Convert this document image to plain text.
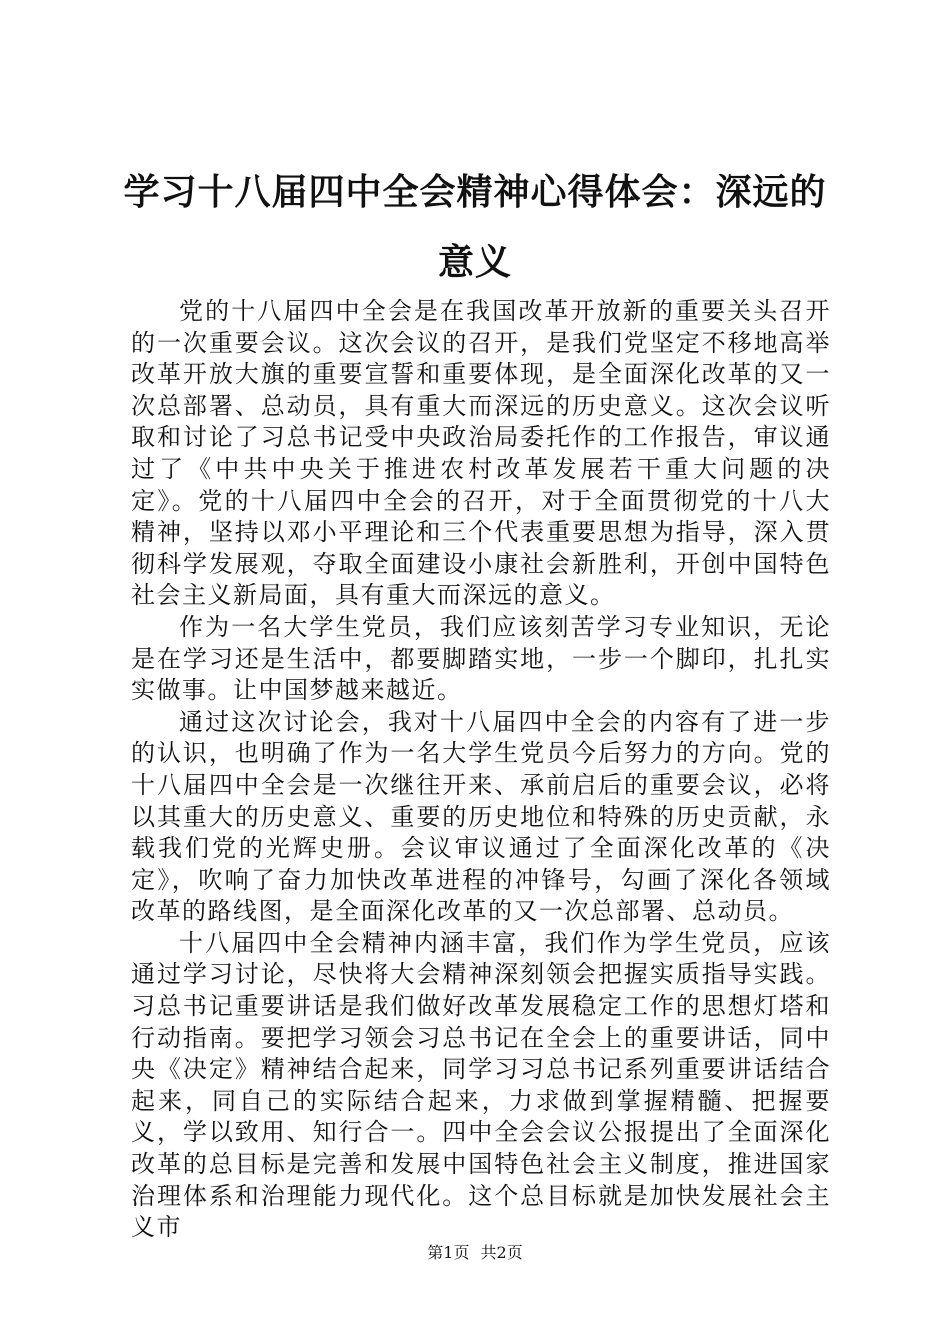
学习十八届四中全会精神心得体会：深远的意义

党的十八届四中全会是在我国改革开放新的重要关头召开的一次重要会议。这次会议的召开，是我们党坚定不移地高举改革开放大旗的重要宣誓和重要体现，是全面深化改革的又一次总部署、总动员，具有重大而深远的历史意义。这次会议听取和讨论了习总书记受中央政治局委托作的工作报告，审议通过了《中共中央关于推进农村改革发展若干重大问题的决定》。党的十八届四中全会的召开，对于全面贯彻党的十八大精神，坚持以邓小平理论和三个代表重要思想为指导，深入贯彻科学发展观，夺取全面建设小康社会新胜利，开创中国特色社会主义新局面，具有重大而深远的意义。

作为一名大学生党员，我们应该刻苦学习专业知识，无论是在学习还是生活中，都要脚踏实地，一步一个脚印，扎扎实实做事。让中国梦越来越近。

通过这次讨论会，我对十八届四中全会的内容有了进一步的认识，也明确了作为一名大学生党员今后努力的方向。党的十八届四中全会是一次继往开来、承前启后的重要会议，必将以其重大的历史意义、重要的历史地位和特殊的历史贡献，永载我们党的光辉史册。会议审议通过了全面深化改革的《决定》，吹响了奋力加快改革进程的冲锋号，勾画了深化各领域改革的路线图，是全面深化改革的又一次总部署、总动员。

十八届四中全会精神内涵丰富，我们作为学生党员，应该通过学习讨论，尽快将大会精神深刻领会把握实质指导实践。习总书记重要讲话是我们做好改革发展稳定工作的思想灯塔和行动指南。要把学习领会习总书记在全会上的重要讲话，同中央《决定》精神结合起来，同学习习总书记系列重要讲话结合起来，同自己的实际结合起来，力求做到掌握精髓、把握要义，学以致用、知行合一。四中全会会议公报提出了全面深化改革的总目标是完善和发展中国特色社会主义制度，推进国家治理体系和治理能力现代化。这个总目标就是加快发展社会主义市

第1页 共2页
